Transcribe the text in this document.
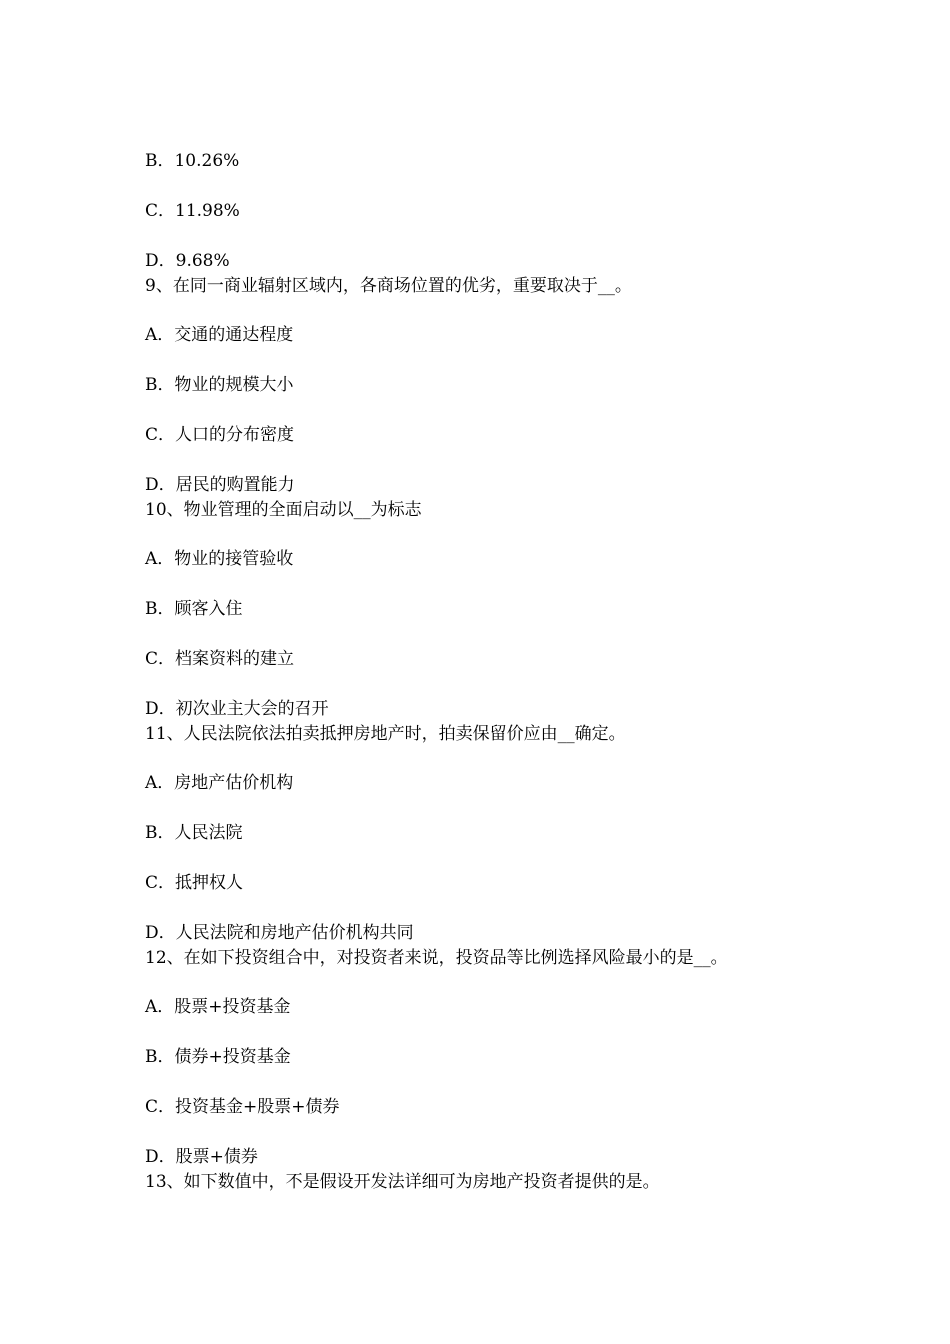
B．10.26%
C．11.98%
D．9.68%
9、在同一商业辐射区域内，各商场位置的优劣，重要取决于__。
A．交通的通达程度
B．物业的规模大小
C．人口的分布密度
D．居民的购置能力
10、物业管理的全面启动以__为标志
A．物业的接管验收
B．顾客入住
C．档案资料的建立
D．初次业主大会的召开
11、人民法院依法拍卖抵押房地产时，拍卖保留价应由__确定。
A．房地产估价机构
B．人民法院
C．抵押权人
D．人民法院和房地产估价机构共同
12、在如下投资组合中，对投资者来说，投资品等比例选择风险最小的是__。
A．股票+投资基金
B．债券+投资基金
C．投资基金+股票+债券
D．股票+债券
13、如下数值中，不是假设开发法详细可为房地产投资者提供的是。
